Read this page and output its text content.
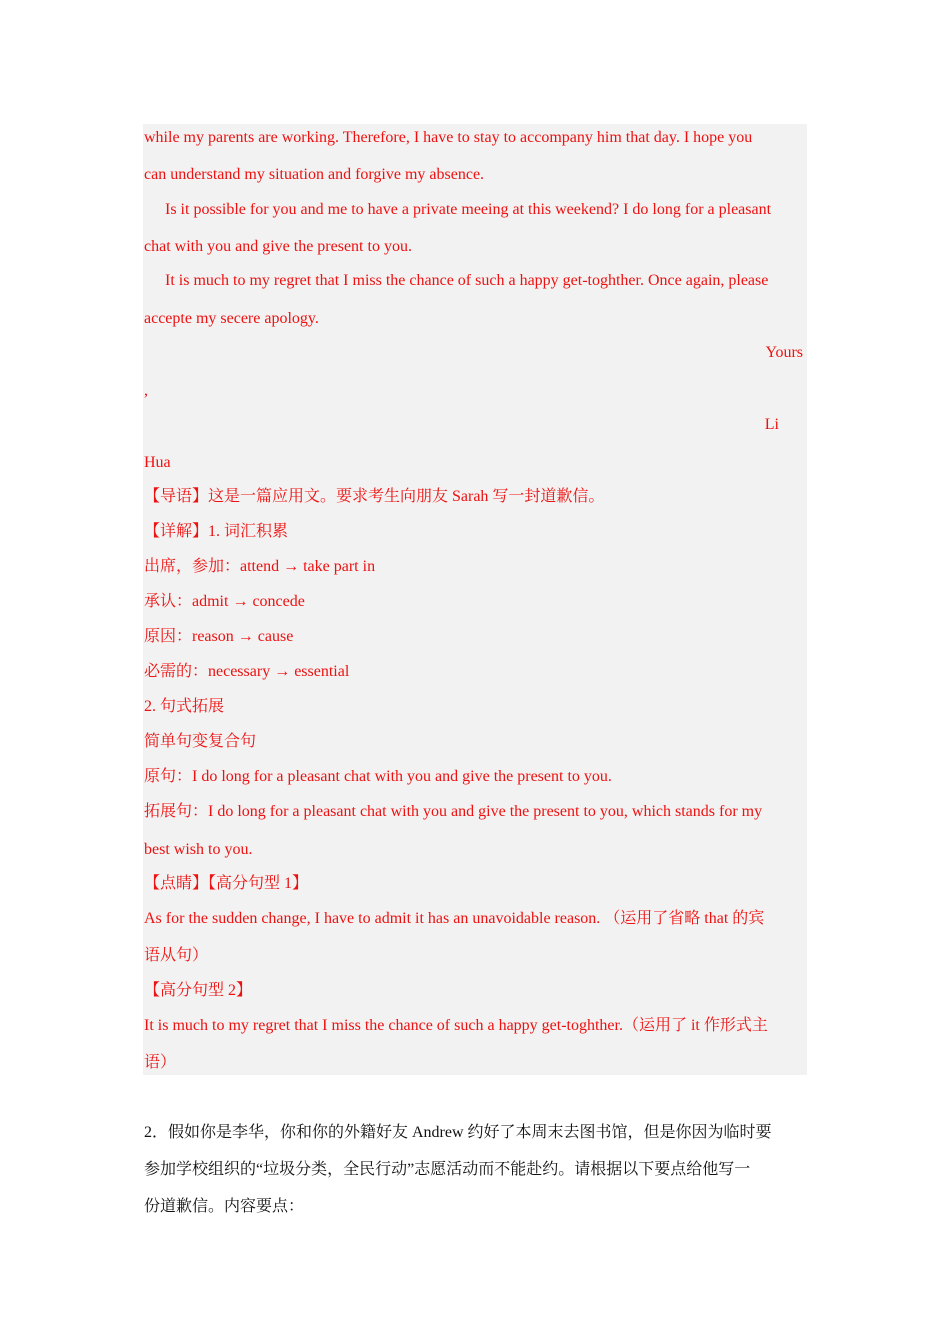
while my parents are working. Therefore, I have to stay to accompany him that day. I hope you
can understand my situation and forgive my absence.
Is it possible for you and me to have a private meeing at this weekend? I do long for a pleasant
chat with you and give the present to you.
It is much to my regret that I miss the chance of such a happy get-toghther. Once again, please
accepte my secere apology.
Yours
,
Li
Hua
【导语】这是一篇应用文。要求考生向朋友 Sarah 写一封道歉信。
【详解】1. 词汇积累
出席，参加：attend → take part in
承认：admit → concede
原因：reason → cause
必需的：necessary → essential
2. 句式拓展
简单句变复合句
原句：I do long for a pleasant chat with you and give the present to you.
拓展句：I do long for a pleasant chat with you and give the present to you, which stands for my
best wish to you.
【点睛】【高分句型 1】
As for the sudden change, I have to admit it has an unavoidable reason. （运用了省略 that 的宾
语从句）
【高分句型 2】
It is much to my regret that I miss the chance of such a happy get-toghther.（运用了 it 作形式主
语）
2．假如你是李华，你和你的外籍好友 Andrew 约好了本周末去图书馆，但是你因为临时要
参加学校组织的“垃圾分类，全民行动”志愿活动而不能赴约。请根据以下要点给他写一
份道歉信。内容要点：
